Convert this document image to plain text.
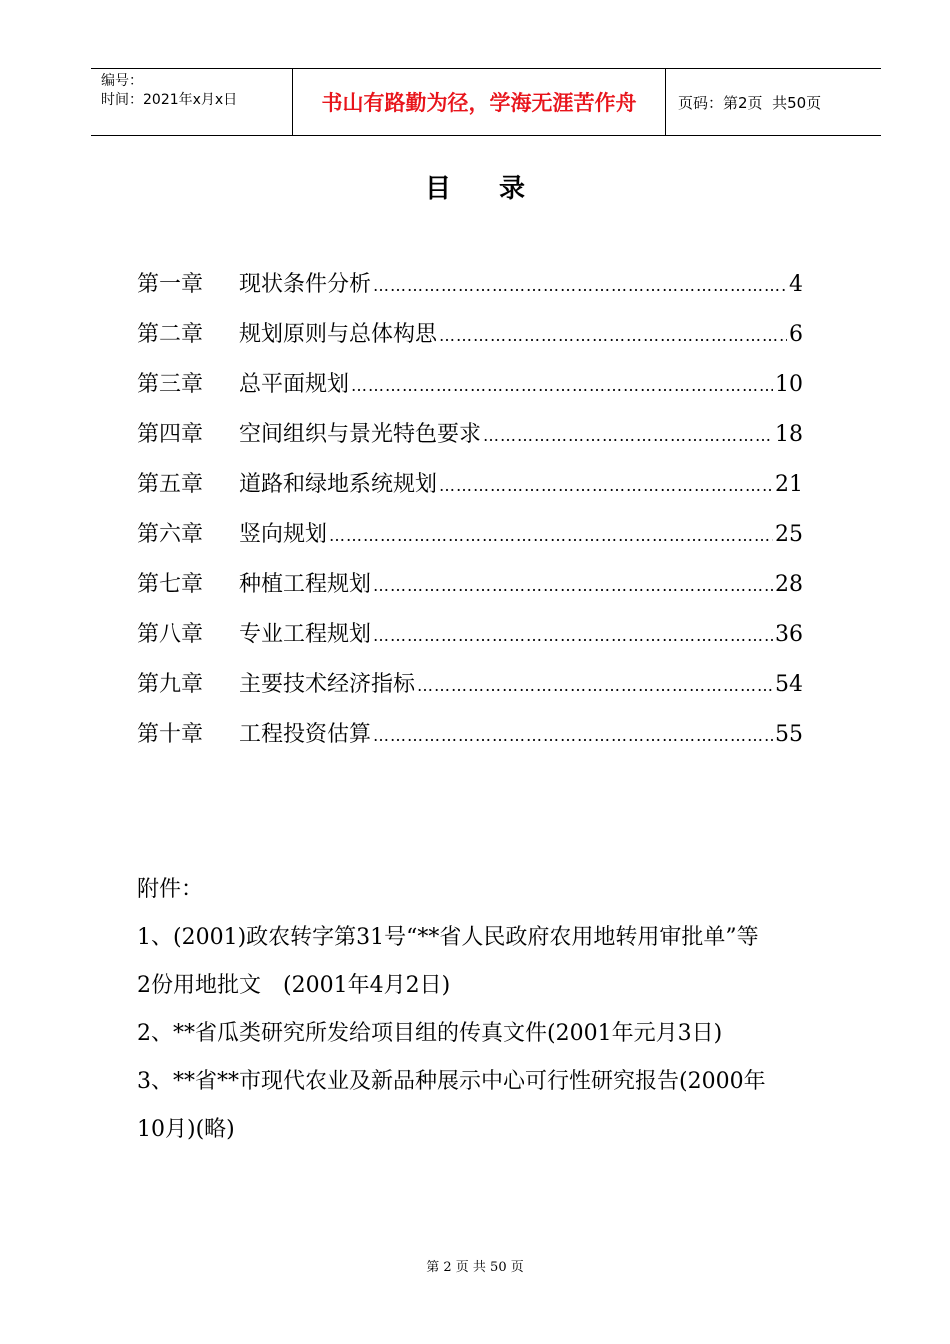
编号：
时间：2021年x月x日	书山有路勤为径，学海无涯苦作舟	页码：第2页  共50页
目 录
第一章	现状条件分析 ……………………………………………………………………………………………	4
第二章	规划原则与总体构思 ……………………………………………………………………………………………	6
第三章	总平面规划 ……………………………………………………………………………………………	10
第四章	空间组织与景光特色要求 ……………………………………………………………………………………………	18
第五章	道路和绿地系统规划 ……………………………………………………………………………………………	21
第六章	竖向规划 ……………………………………………………………………………………………	25
第七章	种植工程规划 ……………………………………………………………………………………………	28
第八章	专业工程规划 ……………………………………………………………………………………………	36
第九章	主要技术经济指标 ……………………………………………………………………………………………	54
第十章	工程投资估算 ……………………………………………………………………………………………	55

附件：

1、(2001)政农转字第31号“**省人民政府农用地转用审批单”等

2份用地批文　(2001年4月2日)

2、**省瓜类研究所发给项目组的传真文件(2001年元月3日)

3、**省**市现代农业及新品种展示中心可行性研究报告(2000年

10月)(略)

第 2 页 共 50 页
